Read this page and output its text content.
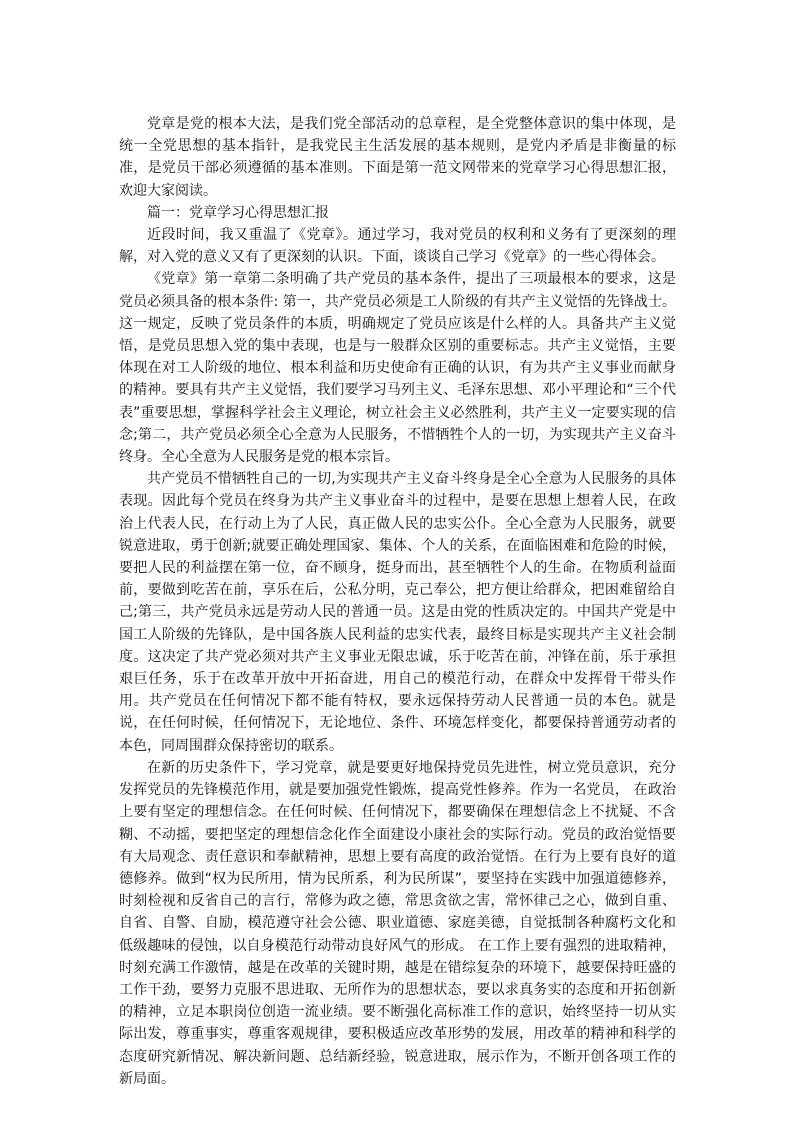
党章是党的根本大法，是我们党全部活动的总章程，是全党整体意识的集中体现，是统一全党思想的基本指针，是我党民主生活发展的基本规则，是党内矛盾是非衡量的标准，是党员干部必须遵循的基本准则。下面是第一范文网带来的党章学习心得思想汇报，欢迎大家阅读。

篇一：党章学习心得思想汇报

近段时间，我又重温了《党章》。通过学习，我对党员的权利和义务有了更深刻的理解，对入党的意义又有了更深刻的认识。下面，谈谈自己学习《党章》的一些心得体会。

《党章》第一章第二条明确了共产党员的基本条件，提出了三项最根本的要求，这是党员必须具备的根本条件: 第一，共产党员必须是工人阶级的有共产主义觉悟的先锋战士。这一规定，反映了党员条件的本质，明确规定了党员应该是什么样的人。具备共产主义觉悟，是党员思想入党的集中表现，也是与一般群众区别的重要标志。共产主义觉悟，主要体现在对工人阶级的地位、根本利益和历史使命有正确的认识，有为共产主义事业而献身的精神。要具有共产主义觉悟，我们要学习马列主义、毛泽东思想、邓小平理论和“三个代表”重要思想，掌握科学社会主义理论，树立社会主义必然胜利，共产主义一定要实现的信念;第二，共产党员必须全心全意为人民服务，不惜牺牲个人的一切，为实现共产主义奋斗终身。全心全意为人民服务是党的根本宗旨。

共产党员不惜牺牲自己的一切,为实现共产主义奋斗终身是全心全意为人民服务的具体表现。因此每个党员在终身为共产主义事业奋斗的过程中，是要在思想上想着人民，在政治上代表人民，在行动上为了人民，真正做人民的忠实公仆。全心全意为人民服务，就要锐意进取，勇于创新;就要正确处理国家、集体、个人的关系，在面临困难和危险的时候，要把人民的利益摆在第一位，奋不顾身，挺身而出，甚至牺牲个人的生命。在物质利益面前，要做到吃苦在前，享乐在后，公私分明，克己奉公，把方便让给群众，把困难留给自己;第三，共产党员永远是劳动人民的普通一员。这是由党的性质决定的。中国共产党是中国工人阶级的先锋队，是中国各族人民利益的忠实代表，最终目标是实现共产主义社会制度。这决定了共产党必须对共产主义事业无限忠诚，乐于吃苦在前，冲锋在前，乐于承担艰巨任务，乐于在改革开放中开拓奋进，用自己的模范行动，在群众中发挥骨干带头作用。共产党员在任何情况下都不能有特权，要永远保持劳动人民普通一员的本色。就是说，在任何时候，任何情况下，无论地位、条件、环境怎样变化，都要保持普通劳动者的本色，同周围群众保持密切的联系。

在新的历史条件下，学习党章，就是要更好地保持党员先进性，树立党员意识，充分发挥党员的先锋模范作用，就是要加强党性锻炼，提高党性修养。作为一名党员， 在政治上要有坚定的理想信念。在任何时候、任何情况下，都要确保在理想信念上不扰疑、不含糊、不动摇，要把坚定的理想信念化作全面建设小康社会的实际行动。党员的政治觉悟要有大局观念、责任意识和奉献精神，思想上要有高度的政治觉悟。在行为上要有良好的道德修养。做到“权为民所用，情为民所系，利为民所谋”，要坚持在实践中加强道德修养，时刻检视和反省自己的言行，常修为政之德，常思贪欲之害，常怀律己之心，做到自重、自省、自警、自励，模范遵守社会公德、职业道德、家庭美德，自觉抵制各种腐朽文化和低级趣味的侵蚀，以自身模范行动带动良好风气的形成。 在工作上要有强烈的进取精神，时刻充满工作激情，越是在改革的关键时期，越是在错综复杂的环境下，越要保持旺盛的工作干劲，要努力克服不思进取、无所作为的思想状态，要以求真务实的态度和开拓创新的精神，立足本职岗位创造一流业绩。要不断强化高标准工作的意识，始终坚持一切从实际出发，尊重事实，尊重客观规律，要积极适应改革形势的发展，用改革的精神和科学的态度研究新情况、解决新问题、总结新经验，锐意进取，展示作为，不断开创各项工作的新局面。
